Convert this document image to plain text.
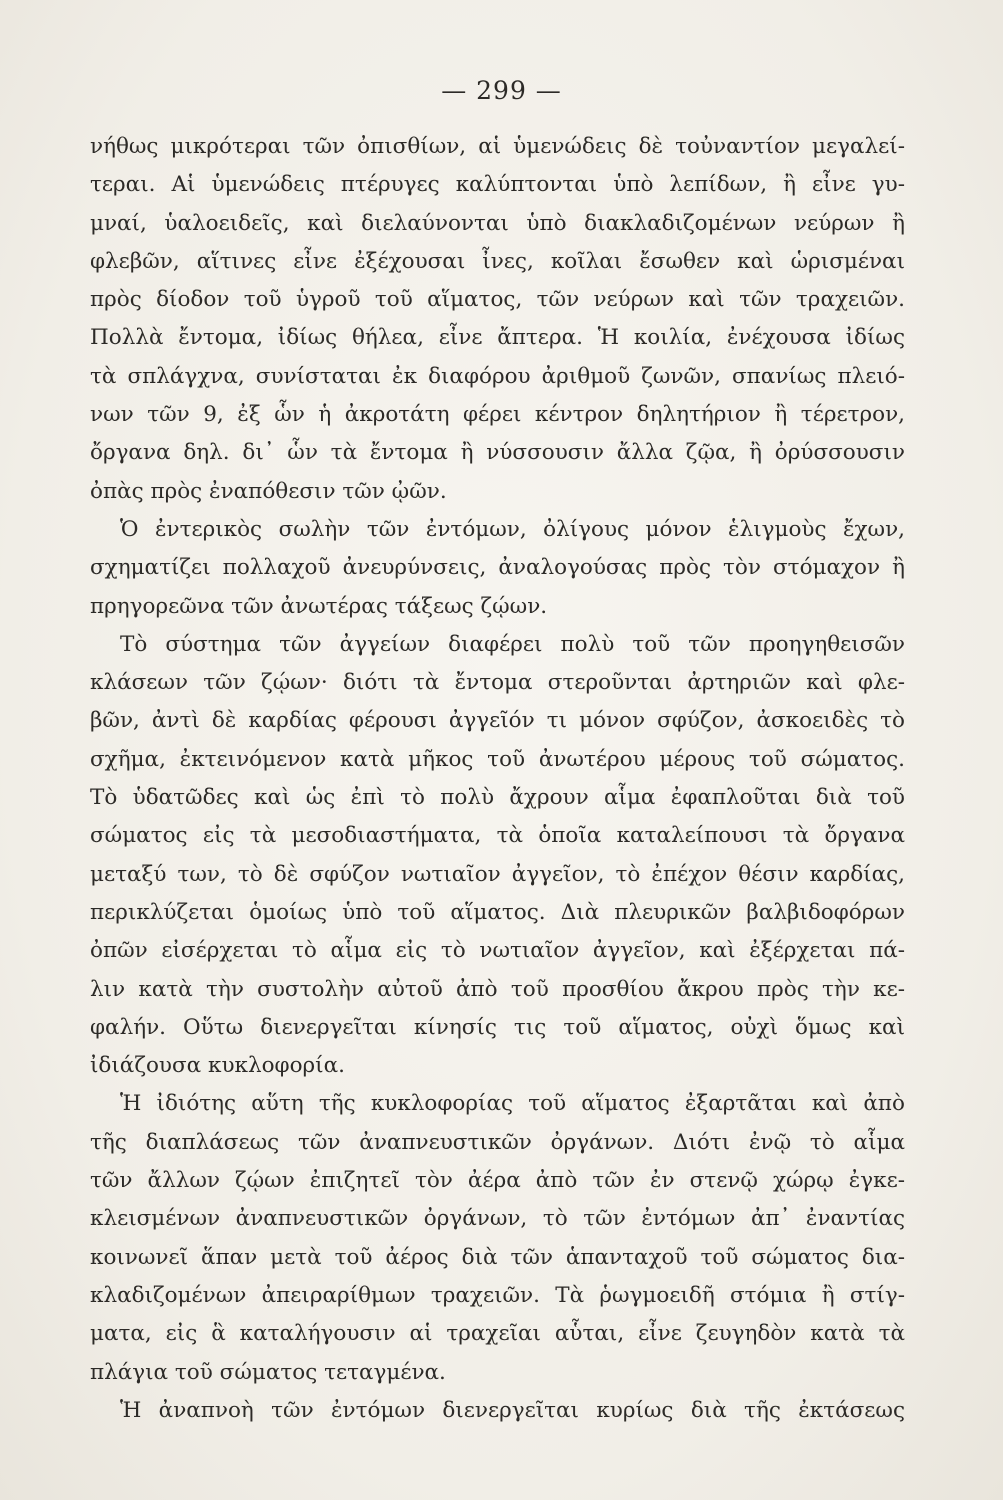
— 299 —
νήθως μικρότεραι τῶν ὀπισθίων, αἱ ὑμενώδεις δὲ τοὐναντίον μεγαλεί-
τεραι. Αἱ ὑμενώδεις πτέρυγες καλύπτονται ὑπὸ λεπίδων, ἢ εἶνε γυ-
μναί, ὑαλοειδεῖς, καὶ διελαύνονται ὑπὸ διακλαδιζομένων νεύρων ἢ
φλεβῶν, αἵτινες εἶνε ἐξέχουσαι ἶνες, κοῖλαι ἔσωθεν καὶ ὡρισμέναι
πρὸς δίοδον τοῦ ὑγροῦ τοῦ αἵματος, τῶν νεύρων καὶ τῶν τραχειῶν.
Πολλὰ ἔντομα, ἰδίως θήλεα, εἶνε ἄπτερα. Ἡ κοιλία, ἐνέχουσα ἰδίως
τὰ σπλάγχνα, συνίσταται ἐκ διαφόρου ἀριθμοῦ ζωνῶν, σπανίως πλειό-
νων τῶν 9, ἐξ ὧν ἡ ἀκροτάτη φέρει κέντρον δηλητήριον ἢ τέρετρον,
ὄργανα δηλ. δι᾽ ὧν τὰ ἔντομα ἢ νύσσουσιν ἄλλα ζῷα, ἢ ὀρύσσουσιν
ὀπὰς πρὸς ἐναπόθεσιν τῶν ᾠῶν.
Ὁ ἐντερικὸς σωλὴν τῶν ἐντόμων, ὀλίγους μόνον ἑλιγμοὺς ἔχων,
σχηματίζει πολλαχοῦ ἀνευρύνσεις, ἀναλογούσας πρὸς τὸν στόμαχον ἢ
πρηγορεῶνα τῶν ἀνωτέρας τάξεως ζῴων.
Τὸ σύστημα τῶν ἀγγείων διαφέρει πολὺ τοῦ τῶν προηγηθεισῶν
κλάσεων τῶν ζῴων· διότι τὰ ἔντομα στεροῦνται ἀρτηριῶν καὶ φλε-
βῶν, ἀντὶ δὲ καρδίας φέρουσι ἀγγεῖόν τι μόνον σφύζον, ἀσκοειδὲς τὸ
σχῆμα, ἐκτεινόμενον κατὰ μῆκος τοῦ ἀνωτέρου μέρους τοῦ σώματος.
Τὸ ὑδατῶδες καὶ ὡς ἐπὶ τὸ πολὺ ἄχρουν αἷμα ἐφαπλοῦται διὰ τοῦ
σώματος εἰς τὰ μεσοδιαστήματα, τὰ ὁποῖα καταλείπουσι τὰ ὄργανα
μεταξύ των, τὸ δὲ σφύζον νωτιαῖον ἀγγεῖον, τὸ ἐπέχον θέσιν καρδίας,
περικλύζεται ὁμοίως ὑπὸ τοῦ αἵματος. Διὰ πλευρικῶν βαλβιδοφόρων
ὀπῶν εἰσέρχεται τὸ αἷμα εἰς τὸ νωτιαῖον ἀγγεῖον, καὶ ἐξέρχεται πά-
λιν κατὰ τὴν συστολὴν αὐτοῦ ἀπὸ τοῦ προσθίου ἄκρου πρὸς τὴν κε-
φαλήν. Οὕτω διενεργεῖται κίνησίς τις τοῦ αἵματος, οὐχὶ ὅμως καὶ
ἰδιάζουσα κυκλοφορία.
Ἡ ἰδιότης αὕτη τῆς κυκλοφορίας τοῦ αἵματος ἐξαρτᾶται καὶ ἀπὸ
τῆς διαπλάσεως τῶν ἀναπνευστικῶν ὀργάνων. Διότι ἐνῷ τὸ αἷμα
τῶν ἄλλων ζῴων ἐπιζητεῖ τὸν ἀέρα ἀπὸ τῶν ἐν στενῷ χώρῳ ἐγκε-
κλεισμένων ἀναπνευστικῶν ὀργάνων, τὸ τῶν ἐντόμων ἀπ᾽ ἐναντίας
κοινωνεῖ ἅπαν μετὰ τοῦ ἀέρος διὰ τῶν ἁπανταχοῦ τοῦ σώματος δια-
κλαδιζομένων ἀπειραρίθμων τραχειῶν. Τὰ ῥωγμοειδῆ στόμια ἢ στίγ-
ματα, εἰς ἃ καταλήγουσιν αἱ τραχεῖαι αὗται, εἶνε ζευγηδὸν κατὰ τὰ
πλάγια τοῦ σώματος τεταγμένα.
Ἡ ἀναπνοὴ τῶν ἐντόμων διενεργεῖται κυρίως διὰ τῆς ἐκτάσεως
